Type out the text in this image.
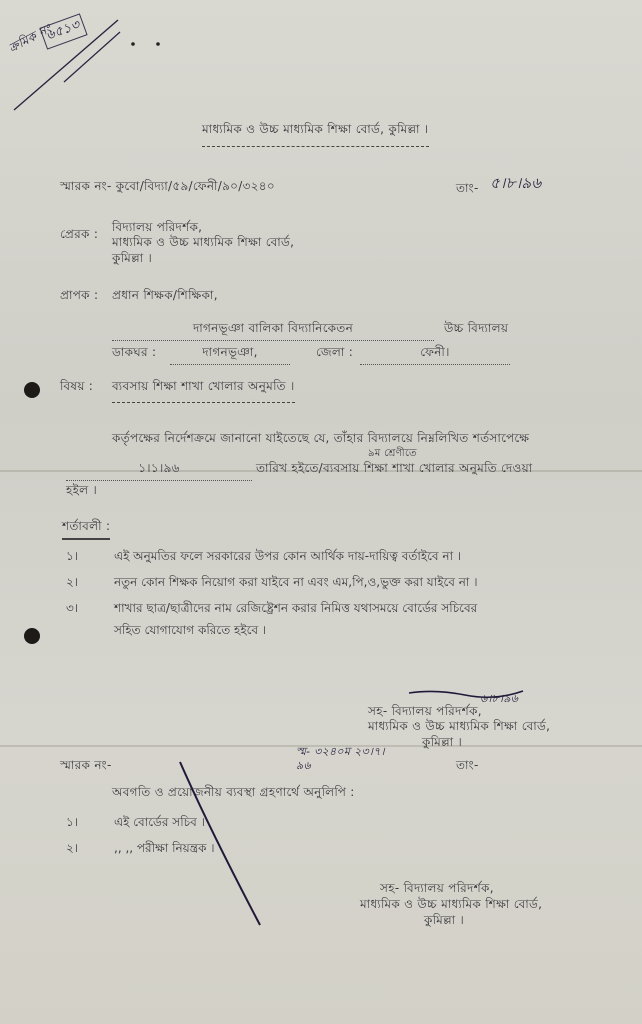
ক্রমিক নং
৬৫১৩
মাধ্যমিক ও উচ্চ মাধ্যমিক শিক্ষা বোর্ড, কুমিল্লা ।
স্মারক নং- কুবো/বিদ্যা/৫৯/ফেনী/৯০/৩২৪০	তাং- ৫।৮।৯৬
প্রেরক : বিদ্যালয় পরিদর্শক,
মাধ্যমিক ও উচ্চ মাধ্যমিক শিক্ষা বোর্ড,
কুমিল্লা ।
প্রাপক : প্রধান শিক্ষক/শিক্ষিকা,
দাগনভূঞা বালিকা বিদ্যানিকেতন	উচ্চ বিদ্যালয়
ডাকঘর :	দাগনভূঞা,	জেলা :	ফেনী।
বিষয় : ব্যবসায় শিক্ষা শাখা খোলার অনুমতি ।
কর্তৃপক্ষের নির্দেশক্রমে জানানো যাইতেছে যে, তাঁহার বিদ্যালয়ে নিম্নলিখিত শর্তসাপেক্ষে
৯ম শ্রেণীতে
১।১।৯৬	তারিখ হইতে/ব্যবসায় শিক্ষা শাখা খোলার অনুমতি দেওয়া
হইল ।
শর্তাবলী :
১।	এই অনুমতির ফলে সরকারের উপর কোন আর্থিক দায়-দায়িত্ব বর্তাইবে না ।
২।	নতুন কোন শিক্ষক নিয়োগ করা যাইবে না এবং এম,পি,ও,ভুক্ত করা যাইবে না ।
৩।	শাখার ছাত্র/ছাত্রীদের নাম রেজিষ্ট্রেশন করার নিমিত্ত যথাসময়ে বোর্ডের সচিবের
সহিত যোগাযোগ করিতে হইবে ।
৬।৮।৯৬
সহ- বিদ্যালয় পরিদর্শক,
মাধ্যমিক ও উচ্চ মাধ্যমিক শিক্ষা বোর্ড,
কুমিল্লা ।
স্মারক নং-
স্ম- ৩২৪০ম ২৩।৭।৯৬	তাং-
অবগতি ও প্রয়োজনীয় ব্যবস্থা গ্রহণার্থে অনুলিপি :
১।	এই বোর্ডের সচিব ।
২।	,, ,, পরীক্ষা নিয়ন্ত্রক ।
সহ- বিদ্যালয় পরিদর্শক,
মাধ্যমিক ও উচ্চ মাধ্যমিক শিক্ষা বোর্ড,
কুমিল্লা ।
